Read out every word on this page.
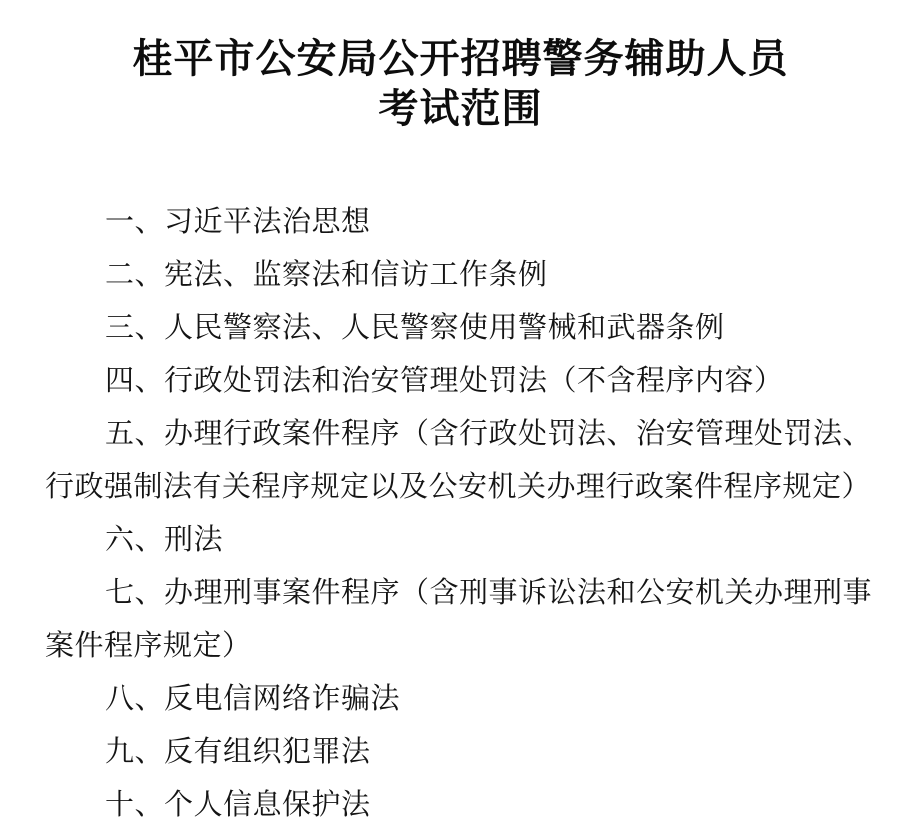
桂平市公安局公开招聘警务辅助人员
考试范围

一、习近平法治思想

二、宪法、监察法和信访工作条例

三、人民警察法、人民警察使用警械和武器条例

四、行政处罚法和治安管理处罚法（不含程序内容）

五、办理行政案件程序（含行政处罚法、治安管理处罚法、行政强制法有关程序规定以及公安机关办理行政案件程序规定）

六、刑法

七、办理刑事案件程序（含刑事诉讼法和公安机关办理刑事案件程序规定）

八、反电信网络诈骗法

九、反有组织犯罪法

十、个人信息保护法
